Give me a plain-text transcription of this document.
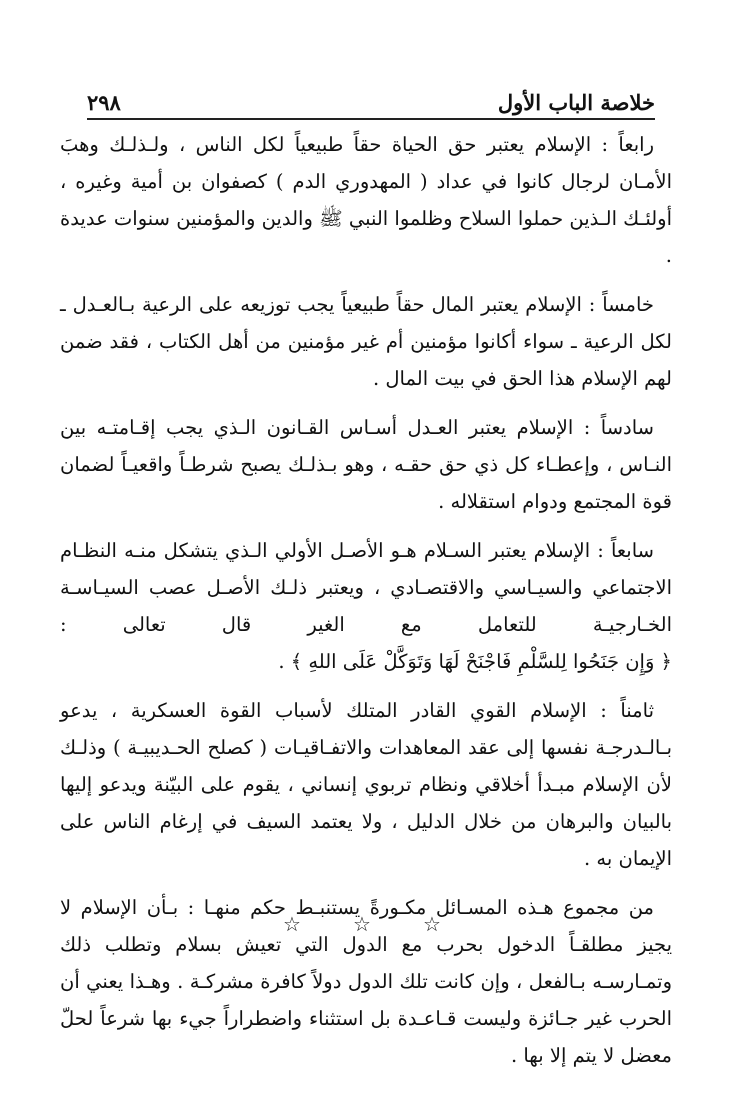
خلاصة الباب الأول
٢٩٨

رابعاً : الإسلام يعتبر حق الحياة حقاً طبيعياً لكل الناس ، ولـذلـك وهبَ الأمـان لرجال كانوا في عداد ( المهدوري الدم ) كصفوان بن أمية وغيره ، أولئـك الـذين حملوا السلاح وظلموا النبي ﷺ والدين والمؤمنين سنوات عديدة .

خامساً : الإسلام يعتبر المال حقاً طبيعياً يجب توزيعه على الرعية بـالعـدل ـ لكل الرعية ـ سواء أكانوا مؤمنين أم غير مؤمنين من أهل الكتاب ، فقد ضمن لهم الإسلام هذا الحق في بيت المال .

سادساً : الإسلام يعتبر العـدل أسـاس القـانون الـذي يجب إقـامتـه بين النـاس ، وإعطـاء كل ذي حق حقـه ، وهو بـذلـك يصبح شرطـاً واقعيـاً لضمان قوة المجتمع ودوام استقلاله .

سابعاً : الإسلام يعتبر السـلام هـو الأصـل الأولي الـذي يتشكل منـه النظـام الاجتماعي والسيـاسي والاقتصـادي ، ويعتبر ذلـك الأصـل عصب السيـاسـة الخـارجيـة للتعامل مع الغير قال تعالى : ﴿ وَإِن جَنَحُوا لِلسَّلْمِ فَاجْنَحْ لَهَا وَتَوَكَّلْ عَلَى اللهِ ﴾ .

ثامناً : الإسلام القوي القادر المتلك لأسباب القوة العسكرية ، يدعو بـالـدرجـة نفسها إلى عقد المعاهدات والاتفـاقيـات ( كصلح الحـديبيـة ) وذلـك لأن الإسلام مبـدأ أخلاقي ونظام تربوي إنساني ، يقوم على البيّنة ويدعو إليها بالبيان والبرهان من خلال الدليل ، ولا يعتمد السيف في إرغام الناس على الإيمان به .

من مجموع هـذه المسـائل مكـورةً يستنبـط حكم منهـا : بـأن الإسلام لا يجيز مطلقـاً الدخول بحرب مع الدول التي تعيش بسلام وتطلب ذلك وتمـارسـه بـالفعل ، وإن كانت تلك الدول دولاً كافرة مشركـة . وهـذا يعني أن الحرب غير جـائزة وليست قـاعـدة بل استثناء واضطراراً جيء بها شرعاً لحلّ معضل لا يتم إلا بها .

☆	☆	☆
